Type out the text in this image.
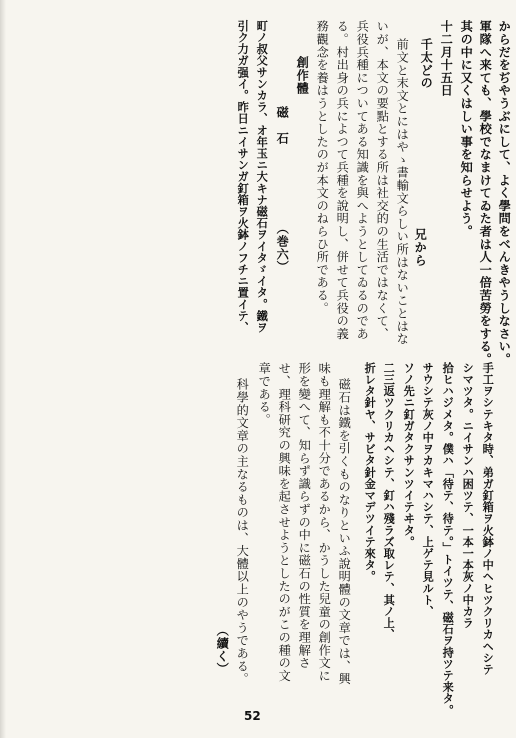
からだをぢやうぶにして、よく學問をべんきやうしなさい。
軍隊へ来ても、學校でなまけてゐた者は人一倍苦勞をする。
其の中に又くはしい事を知らせよう。
十二月十五日
千太どの
兄から
前文と末文とにはやゝ書輸文らしい所はないことはな
いが、本文の要點とする所は社交的の生活ではなくて、
兵役兵種についてある知識を與へようとしてゐるのであ
る。村出身の兵によつて兵種を說明し、併せて兵役の義
務觀念を養はうとしたのが本文のねらひ所である。
創作體
磁　石
（巻六）
町ノ叔父サンカラ、オ年玉ニ大キナ磁石ヲイタゞイタ。鐵ヲ
引ク力ガ强イ。昨日ニイサンガ釘箱ヲ火鉢ノフチニ置イテ、
手工ヲシテキタ時、弟ガ釘箱ヲ火鉢ノ中ヘヒツクリカヘシテ
シマツタ。ニイサンハ困ツテ、一本一本灰ノ中カラ
拾ヒハジメタ。僕ハ「待テ、待テ。」トイツテ、磁石ヲ持ツテ来タ。
サウシテ灰ノ中ヲカキマハシテ、上ゲテ見ルト、
ソノ先ニ釘ガタクサンツイテヰタ。
二三返ツクリカヘシテ、釘ハ殘ラズ取レテ、其ノ上、
折レタ針ヤ、サビタ針金マデツイテ來タ。
磁石は鐵を引くものなりといふ說明體の文章では、興
味も理解も不十分であるから、かうした兒童の創作文に
形を變へて、知らず識らずの中に磁石の性質を理解さ
せ、理科研究の興味を起させようとしたのがこの種の文
章である。
科學的文章の主なるものは、大體以上のやうである。
（續く）
52
